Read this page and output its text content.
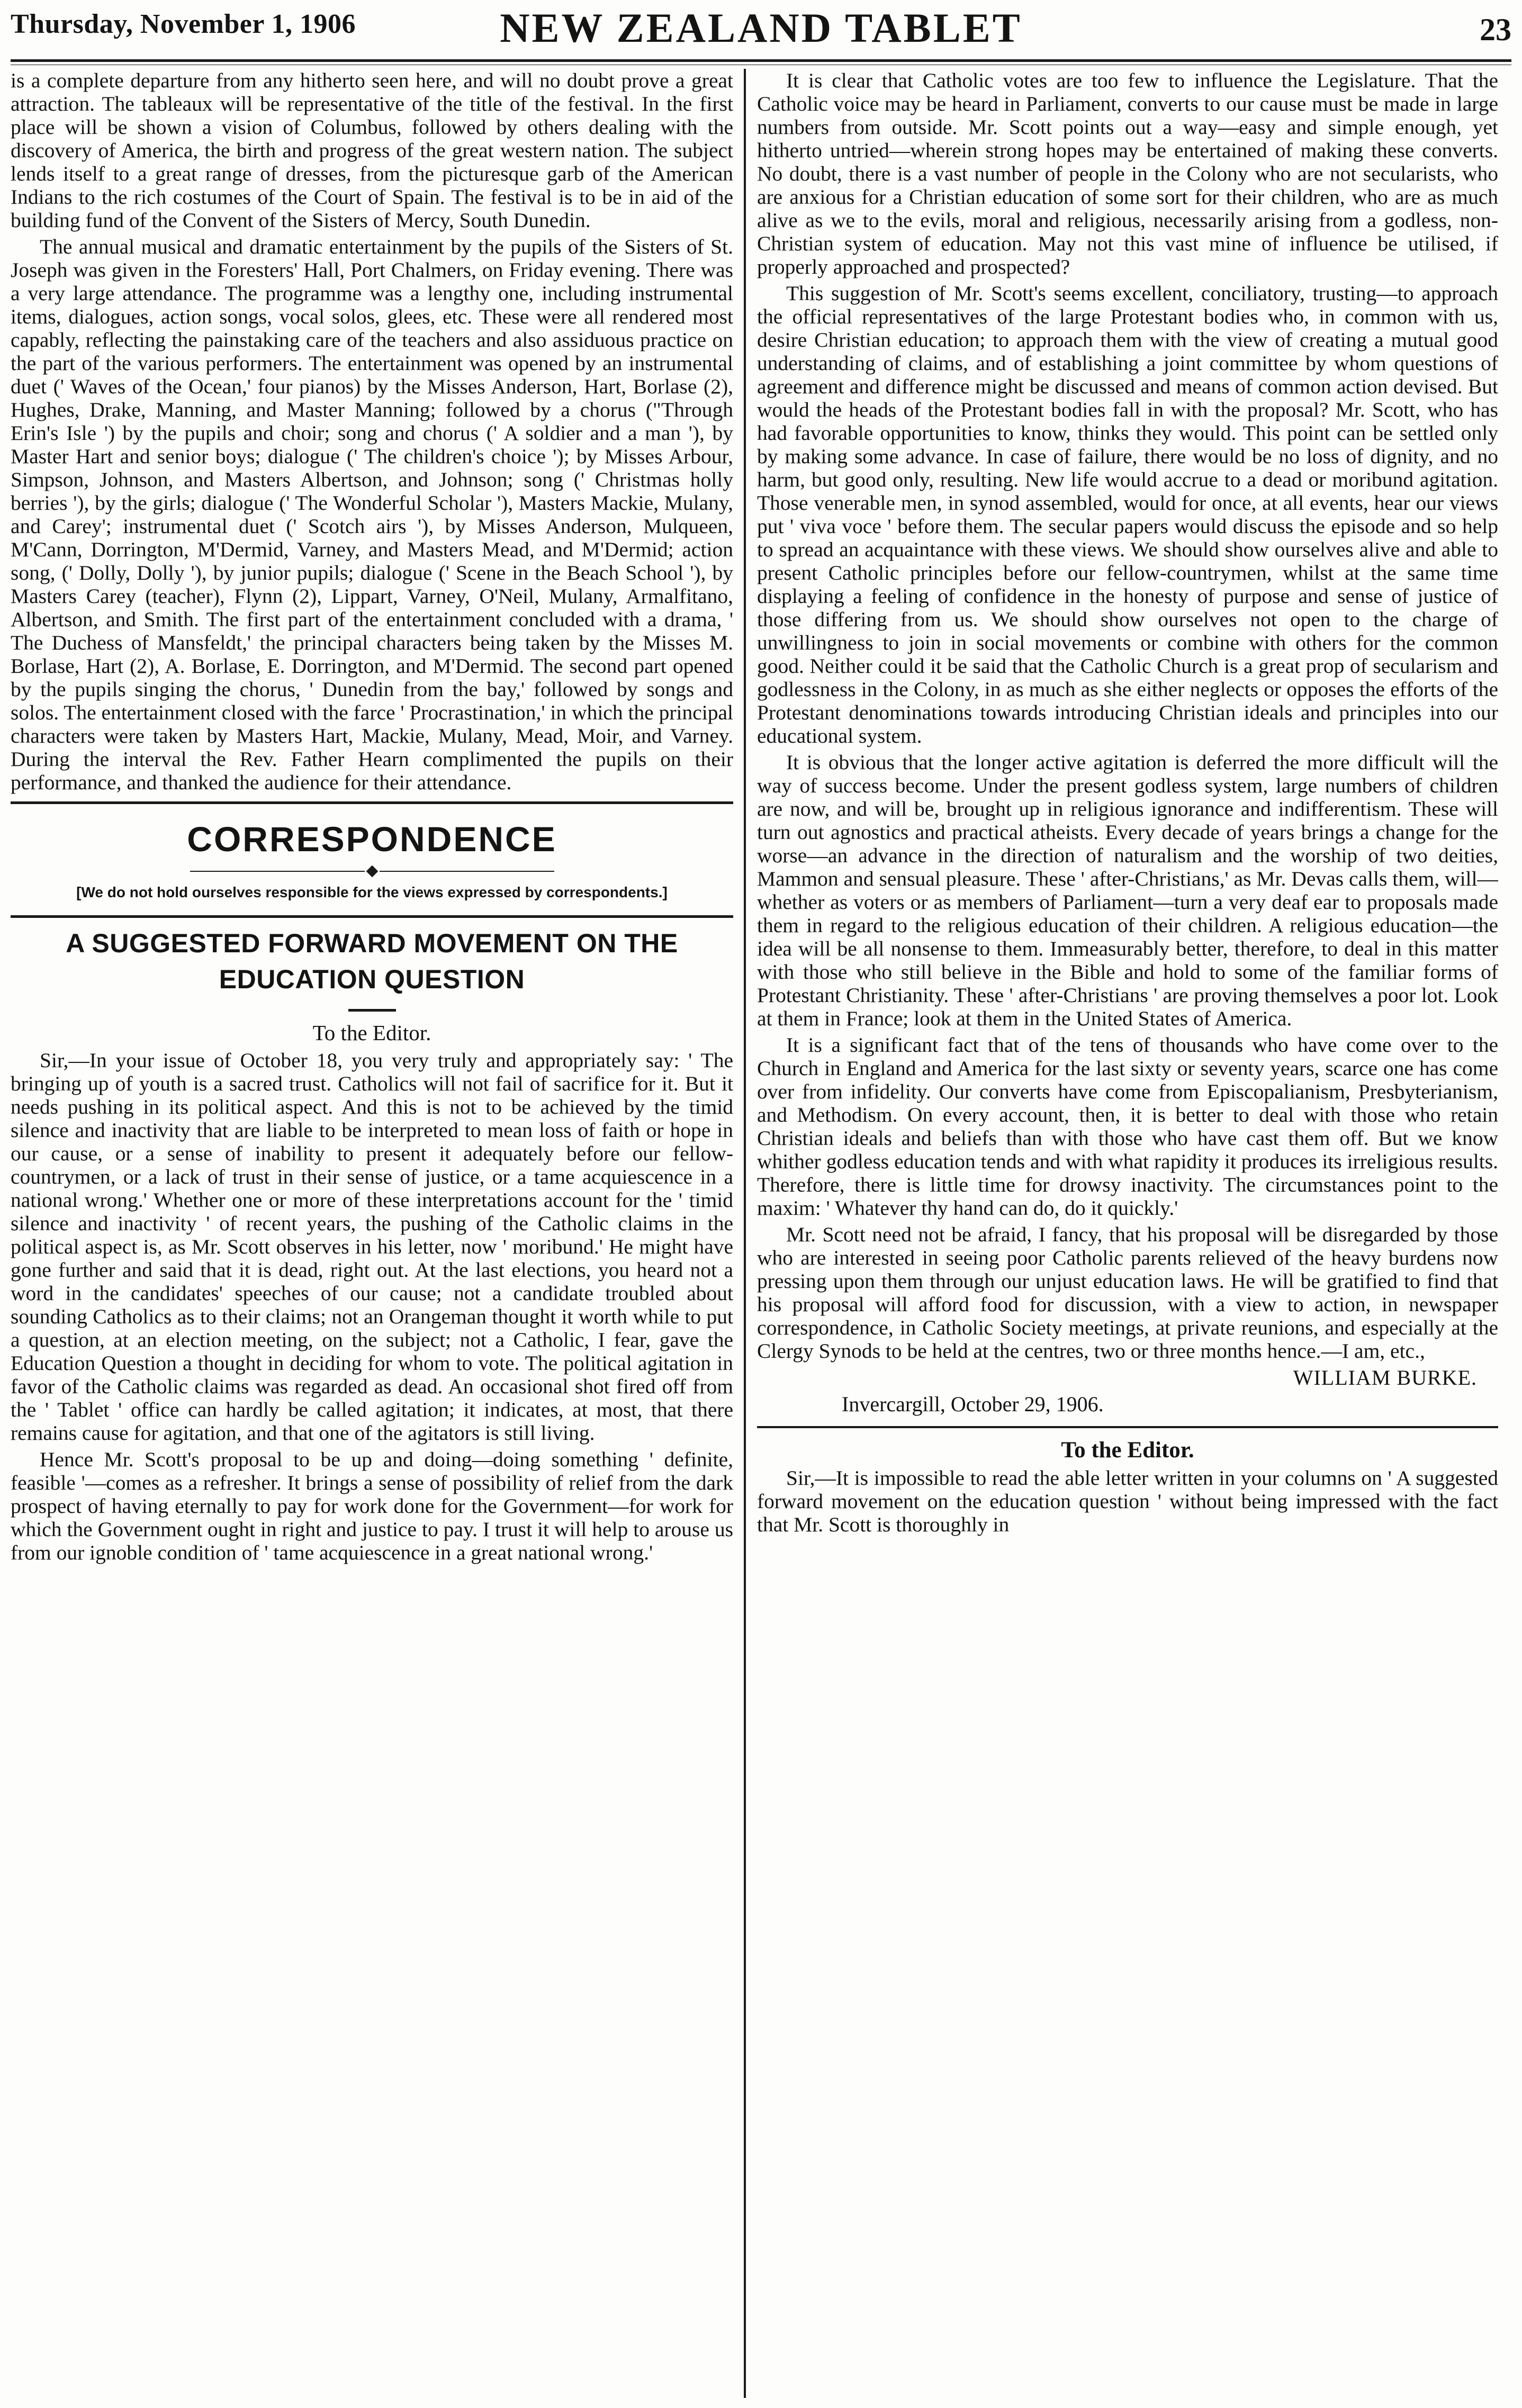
Thursday, November 1, 1906	NEW ZEALAND TABLET	23

is a complete departure from any hitherto seen here, and will no doubt prove a great attraction. The tableaux will be representative of the title of the festival. In the first place will be shown a vision of Columbus, followed by others dealing with the discovery of America, the birth and progress of the great western nation. The subject lends itself to a great range of dresses, from the picturesque garb of the American Indians to the rich costumes of the Court of Spain. The festival is to be in aid of the building fund of the Convent of the Sisters of Mercy, South Dunedin.

The annual musical and dramatic entertainment by the pupils of the Sisters of St. Joseph was given in the Foresters' Hall, Port Chalmers, on Friday evening. There was a very large attendance. The programme was a lengthy one, including instrumental items, dialogues, action songs, vocal solos, glees, etc. These were all rendered most capably, reflecting the painstaking care of the teachers and also assiduous practice on the part of the various performers. The entertainment was opened by an instrumental duet (' Waves of the Ocean,' four pianos) by the Misses Anderson, Hart, Borlase (2), Hughes, Drake, Manning, and Master Manning; followed by a chorus ("Through Erin's Isle ') by the pupils and choir; song and chorus (' A soldier and a man '), by Master Hart and senior boys; dialogue (' The children's choice '); by Misses Arbour, Simpson, Johnson, and Masters Albertson, and Johnson; song (' Christmas holly berries '), by the girls; dialogue (' The Wonderful Scholar '), Masters Mackie, Mulany, and Carey'; instrumental duet (' Scotch airs '), by Misses Anderson, Mulqueen, M'Cann, Dorrington, M'Dermid, Varney, and Masters Mead, and M'Dermid; action song, (' Dolly, Dolly '), by junior pupils; dialogue (' Scene in the Beach School '), by Masters Carey (teacher), Flynn (2), Lippart, Varney, O'Neil, Mulany, Armalfitano, Albertson, and Smith. The first part of the entertainment concluded with a drama, ' The Duchess of Mansfeldt,' the principal characters being taken by the Misses M. Borlase, Hart (2), A. Borlase, E. Dorrington, and M'Dermid. The second part opened by the pupils singing the chorus, ' Dunedin from the bay,' followed by songs and solos. The entertainment closed with the farce ' Procrastination,' in which the principal characters were taken by Masters Hart, Mackie, Mulany, Mead, Moir, and Varney. During the interval the Rev. Father Hearn complimented the pupils on their performance, and thanked the audience for their attendance.

CORRESPONDENCE
[We do not hold ourselves responsible for the views expressed by correspondents.]
A SUGGESTED FORWARD MOVEMENT ON THE EDUCATION QUESTION
To the Editor.

Sir,—In your issue of October 18, you very truly and appropriately say: ' The bringing up of youth is a sacred trust. Catholics will not fail of sacrifice for it. But it needs pushing in its political aspect. And this is not to be achieved by the timid silence and inactivity that are liable to be interpreted to mean loss of faith or hope in our cause, or a sense of inability to present it adequately before our fellow-countrymen, or a lack of trust in their sense of justice, or a tame acquiescence in a national wrong.' Whether one or more of these interpretations account for the ' timid silence and inactivity ' of recent years, the pushing of the Catholic claims in the political aspect is, as Mr. Scott observes in his letter, now ' moribund.' He might have gone further and said that it is dead, right out. At the last elections, you heard not a word in the candidates' speeches of our cause; not a candidate troubled about sounding Catholics as to their claims; not an Orangeman thought it worth while to put a question, at an election meeting, on the subject; not a Catholic, I fear, gave the Education Question a thought in deciding for whom to vote. The political agitation in favor of the Catholic claims was regarded as dead. An occasional shot fired off from the ' Tablet ' office can hardly be called agitation; it indicates, at most, that there remains cause for agitation, and that one of the agitators is still living.

Hence Mr. Scott's proposal to be up and doing—doing something ' definite, feasible '—comes as a refresher. It brings a sense of possibility of relief from the dark prospect of having eternally to pay for work done for the Government—for work for which the Government ought in right and justice to pay. I trust it will help to arouse us from our ignoble condition of ' tame acquiescence in a great national wrong.'

It is clear that Catholic votes are too few to influence the Legislature. That the Catholic voice may be heard in Parliament, converts to our cause must be made in large numbers from outside. Mr. Scott points out a way—easy and simple enough, yet hitherto untried—wherein strong hopes may be entertained of making these converts. No doubt, there is a vast number of people in the Colony who are not secularists, who are anxious for a Christian education of some sort for their children, who are as much alive as we to the evils, moral and religious, necessarily arising from a godless, non-Christian system of education. May not this vast mine of influence be utilised, if properly approached and prospected?

This suggestion of Mr. Scott's seems excellent, conciliatory, trusting—to approach the official representatives of the large Protestant bodies who, in common with us, desire Christian education; to approach them with the view of creating a mutual good understanding of claims, and of establishing a joint committee by whom questions of agreement and difference might be discussed and means of common action devised. But would the heads of the Protestant bodies fall in with the proposal? Mr. Scott, who has had favorable opportunities to know, thinks they would. This point can be settled only by making some advance. In case of failure, there would be no loss of dignity, and no harm, but good only, resulting. New life would accrue to a dead or moribund agitation. Those venerable men, in synod assembled, would for once, at all events, hear our views put ' viva voce ' before them. The secular papers would discuss the episode and so help to spread an acquaintance with these views. We should show ourselves alive and able to present Catholic principles before our fellow-countrymen, whilst at the same time displaying a feeling of confidence in the honesty of purpose and sense of justice of those differing from us. We should show ourselves not open to the charge of unwillingness to join in social movements or combine with others for the common good. Neither could it be said that the Catholic Church is a great prop of secularism and godlessness in the Colony, in as much as she either neglects or opposes the efforts of the Protestant denominations towards introducing Christian ideals and principles into our educational system.

It is obvious that the longer active agitation is deferred the more difficult will the way of success become. Under the present godless system, large numbers of children are now, and will be, brought up in religious ignorance and indifferentism. These will turn out agnostics and practical atheists. Every decade of years brings a change for the worse—an advance in the direction of naturalism and the worship of two deities, Mammon and sensual pleasure. These ' after-Christians,' as Mr. Devas calls them, will—whether as voters or as members of Parliament—turn a very deaf ear to proposals made them in regard to the religious education of their children. A religious education—the idea will be all nonsense to them. Immeasurably better, therefore, to deal in this matter with those who still believe in the Bible and hold to some of the familiar forms of Protestant Christianity. These ' after-Christians ' are proving themselves a poor lot. Look at them in France; look at them in the United States of America.

It is a significant fact that of the tens of thousands who have come over to the Church in England and America for the last sixty or seventy years, scarce one has come over from infidelity. Our converts have come from Episcopalianism, Presbyterianism, and Methodism. On every account, then, it is better to deal with those who retain Christian ideals and beliefs than with those who have cast them off. But we know whither godless education tends and with what rapidity it produces its irreligious results. Therefore, there is little time for drowsy inactivity. The circumstances point to the maxim: ' Whatever thy hand can do, do it quickly.'

Mr. Scott need not be afraid, I fancy, that his proposal will be disregarded by those who are interested in seeing poor Catholic parents relieved of the heavy burdens now pressing upon them through our unjust education laws. He will be gratified to find that his proposal will afford food for discussion, with a view to action, in newspaper correspondence, in Catholic Society meetings, at private reunions, and especially at the Clergy Synods to be held at the centres, two or three months hence.—I am, etc.,

WILLIAM BURKE.
Invercargill, October 29, 1906.
To the Editor.

Sir,—It is impossible to read the able letter written in your columns on ' A suggested forward movement on the education question ' without being impressed with the fact that Mr. Scott is thoroughly in
